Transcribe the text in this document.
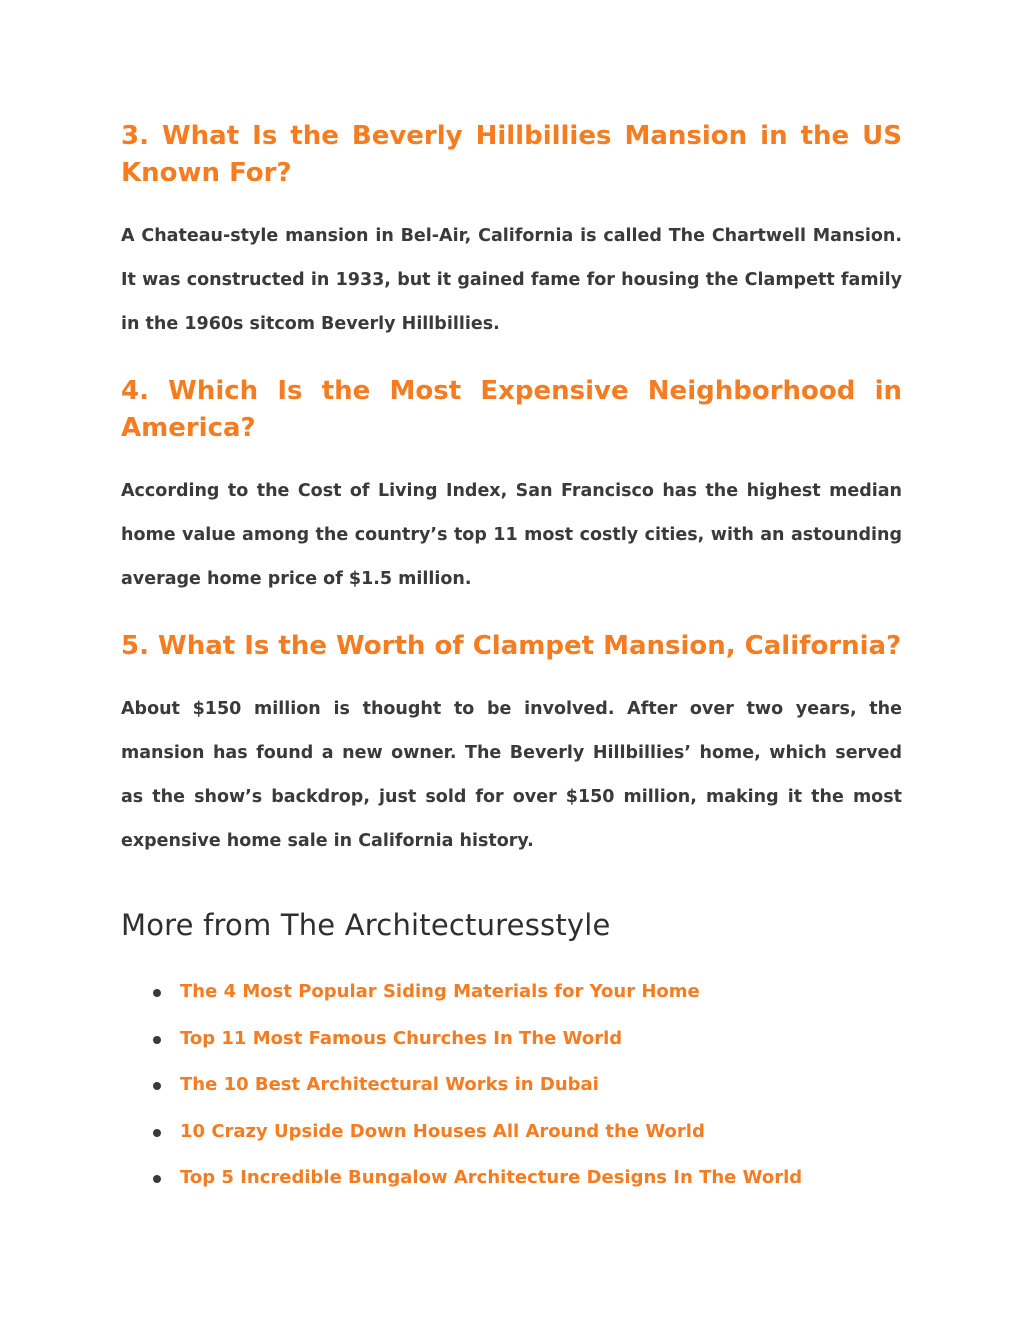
3. What Is the Beverly Hillbillies Mansion in the US Known For?

A Chateau-style mansion in Bel-Air, California is called The Chartwell Mansion. It was constructed in 1933, but it gained fame for housing the Clampett family in the 1960s sitcom Beverly Hillbillies.

4. Which Is the Most Expensive Neighborhood in America?

According to the Cost of Living Index, San Francisco has the highest median home value among the country’s top 11 most costly cities, with an astounding average home price of $1.5 million.

5. What Is the Worth of Clampet Mansion, California?

About $150 million is thought to be involved. After over two years, the mansion has found a new owner. The Beverly Hillbillies’ home, which served as the show’s backdrop, just sold for over $150 million, making it the most expensive home sale in California history.

More from The Architecturesstyle
The 4 Most Popular Siding Materials for Your Home
Top 11 Most Famous Churches In The World
The 10 Best Architectural Works in Dubai
10 Crazy Upside Down Houses All Around the World
Top 5 Incredible Bungalow Architecture Designs In The World
